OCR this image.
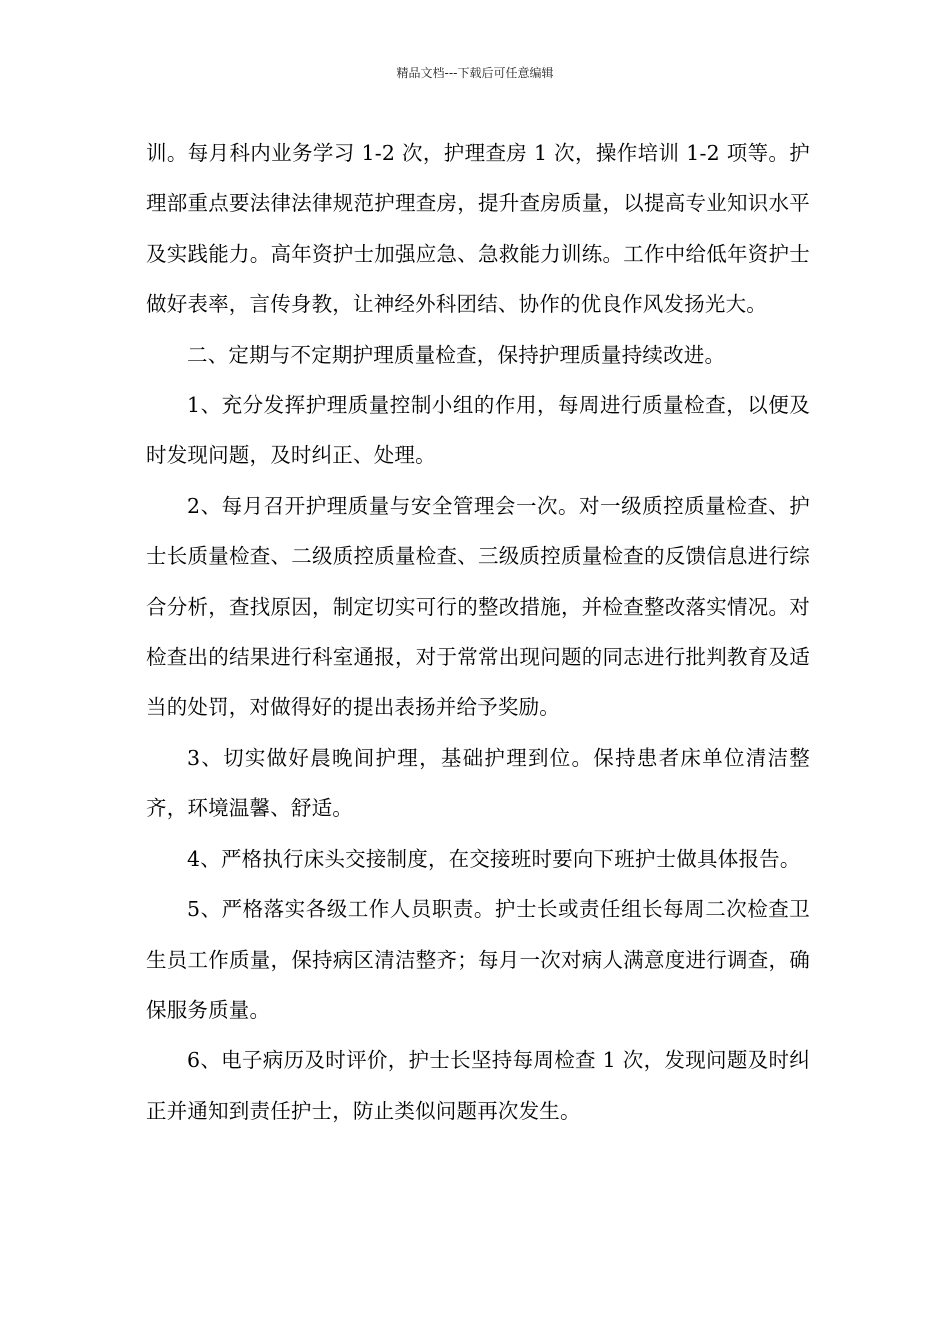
精品文档---下载后可任意编辑

训。每月科内业务学习 1-2 次，护理查房 1 次，操作培训 1-2 项等。护理部重点要法律法律规范护理查房，提升查房质量，以提高专业知识水平及实践能力。高年资护士加强应急、急救能力训练。工作中给低年资护士做好表率，言传身教，让神经外科团结、协作的优良作风发扬光大。

二、定期与不定期护理质量检查，保持护理质量持续改进。

1、充分发挥护理质量控制小组的作用，每周进行质量检查，以便及时发现问题，及时纠正、处理。

2、每月召开护理质量与安全管理会一次。对一级质控质量检查、护士长质量检查、二级质控质量检查、三级质控质量检查的反馈信息进行综合分析，查找原因，制定切实可行的整改措施，并检查整改落实情况。对检查出的结果进行科室通报，对于常常出现问题的同志进行批判教育及适当的处罚，对做得好的提出表扬并给予奖励。

3、切实做好晨晚间护理，基础护理到位。保持患者床单位清洁整齐，环境温馨、舒适。

4、严格执行床头交接制度，在交接班时要向下班护士做具体报告。

5、严格落实各级工作人员职责。护士长或责任组长每周二次检查卫生员工作质量，保持病区清洁整齐；每月一次对病人满意度进行调查，确保服务质量。

6、电子病历及时评价，护士长坚持每周检查 1 次，发现问题及时纠正并通知到责任护士，防止类似问题再次发生。
